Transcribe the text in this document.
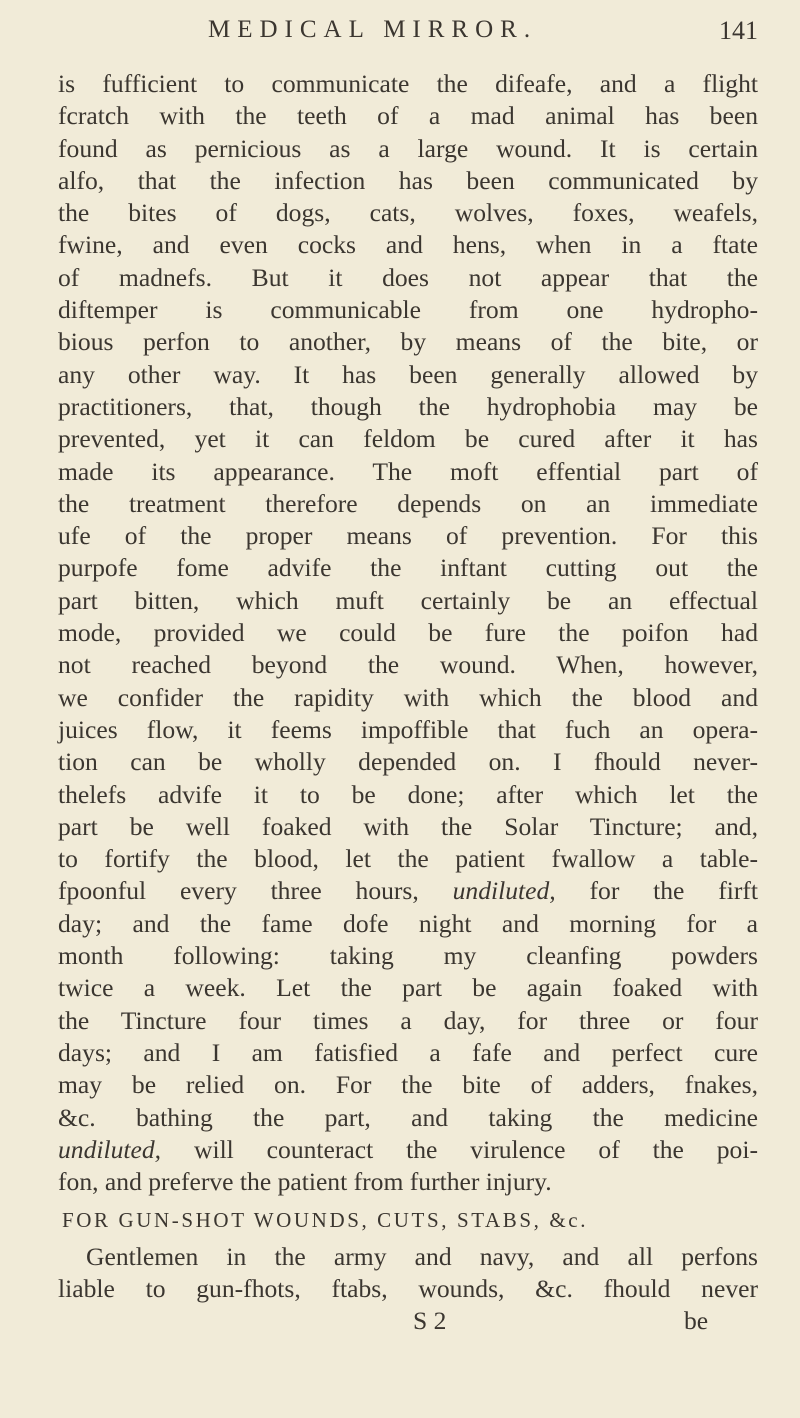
MEDICAL MIRROR.	141
is fufficient to communicate the difeafe, and a flight
fcratch with the teeth of a mad animal has been
found as pernicious as a large wound. It is certain
alfo, that the infection has been communicated by
the bites of dogs, cats, wolves, foxes, weafels,
fwine, and even cocks and hens, when in a ftate
of madnefs. But it does not appear that the
diftemper is communicable from one hydropho-
bious perfon to another, by means of the bite, or
any other way. It has been generally allowed by
practitioners, that, though the hydrophobia may be
prevented, yet it can feldom be cured after it has
made its appearance. The moft effential part of
the treatment therefore depends on an immediate
ufe of the proper means of prevention. For this
purpofe fome advife the inftant cutting out the
part bitten, which muft certainly be an effectual
mode, provided we could be fure the poifon had
not reached beyond the wound. When, however,
we confider the rapidity with which the blood and
juices flow, it feems impoffible that fuch an opera-
tion can be wholly depended on. I fhould never-
thelefs advife it to be done; after which let the
part be well foaked with the Solar Tincture; and,
to fortify the blood, let the patient fwallow a table-
fpoonful every three hours, undiluted, for the firft
day; and the fame dofe night and morning for a
month following: taking my cleanfing powders
twice a week. Let the part be again foaked with
the Tincture four times a day, for three or four
days; and I am fatisfied a fafe and perfect cure
may be relied on. For the bite of adders, fnakes,
&c. bathing the part, and taking the medicine
undiluted, will counteract the virulence of the poi-
fon, and preferve the patient from further injury.
FOR GUN-SHOT WOUNDS, CUTS, STABS, &c.
Gentlemen in the army and navy, and all perfons
liable to gun-fhots, ftabs, wounds, &c. fhould never
S 2	be
